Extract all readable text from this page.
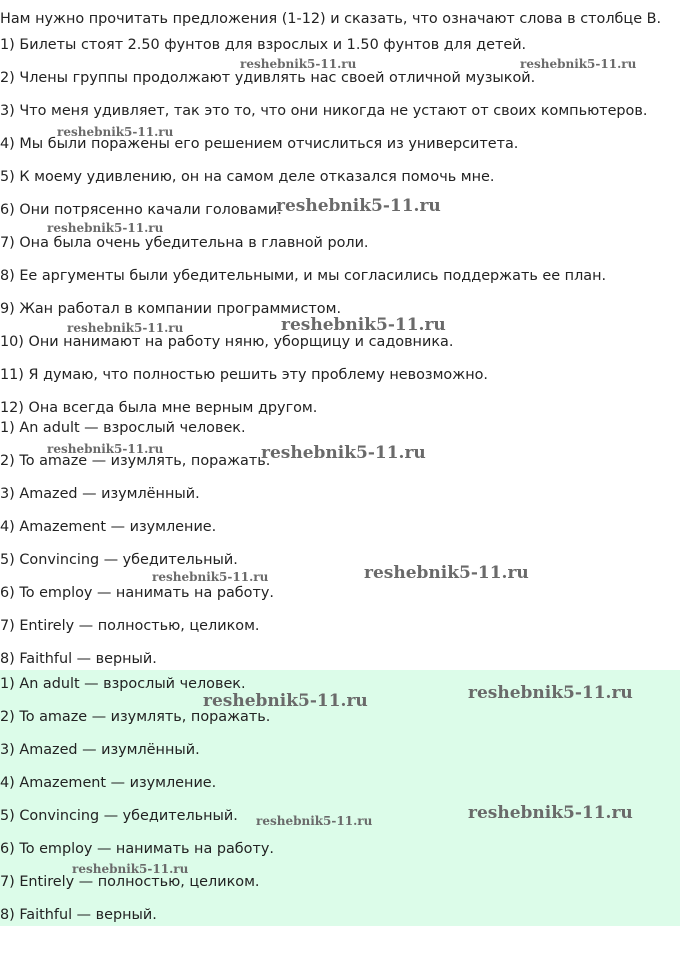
Нам нужно прочитать предложения (1-12) и сказать, что означают слова в столбце B.
1) Билеты стоят 2.50 фунтов для взрослых и 1.50 фунтов для детей.
2) Члены группы продолжают удивлять нас своей отличной музыкой.
3) Что меня удивляет, так это то, что они никогда не устают от своих компьютеров.
4) Мы были поражены его решением отчислиться из университета.
5) К моему удивлению, он на самом деле отказался помочь мне.
6) Они потрясенно качали головами.
7) Она была очень убедительна в главной роли.
8) Ее аргументы были убедительными, и мы согласились поддержать ее план.
9) Жан работал в компании программистом.
10) Они нанимают на работу няню, уборщицу и садовника.
11) Я думаю, что полностью решить эту проблему невозможно.
12) Она всегда была мне верным другом.
1) An adult — взрослый человек.
2) To amaze — изумлять, поражать.
3) Amazed — изумлённый.
4) Amazement — изумление.
5) Convincing — убедительный.
6) To employ — нанимать на работу.
7) Entirely — полностью, целиком.
8) Faithful — верный.
1) An adult — взрослый человек.
2) To amaze — изумлять, поражать.
3) Amazed — изумлённый.
4) Amazement — изумление.
5) Convincing — убедительный.
6) To employ — нанимать на работу.
7) Entirely — полностью, целиком.
8) Faithful — верный.
reshebnik5-11.ru	reshebnik5-11.ru
reshebnik5-11.ru
reshebnik5-11.ru
reshebnik5-11.ru
reshebnik5-11.ru	reshebnik5-11.ru
reshebnik5-11.ru	reshebnik5-11.ru
reshebnik5-11.ru	reshebnik5-11.ru
reshebnik5-11.ru	reshebnik5-11.ru
reshebnik5-11.ru	reshebnik5-11.ru
reshebnik5-11.ru
